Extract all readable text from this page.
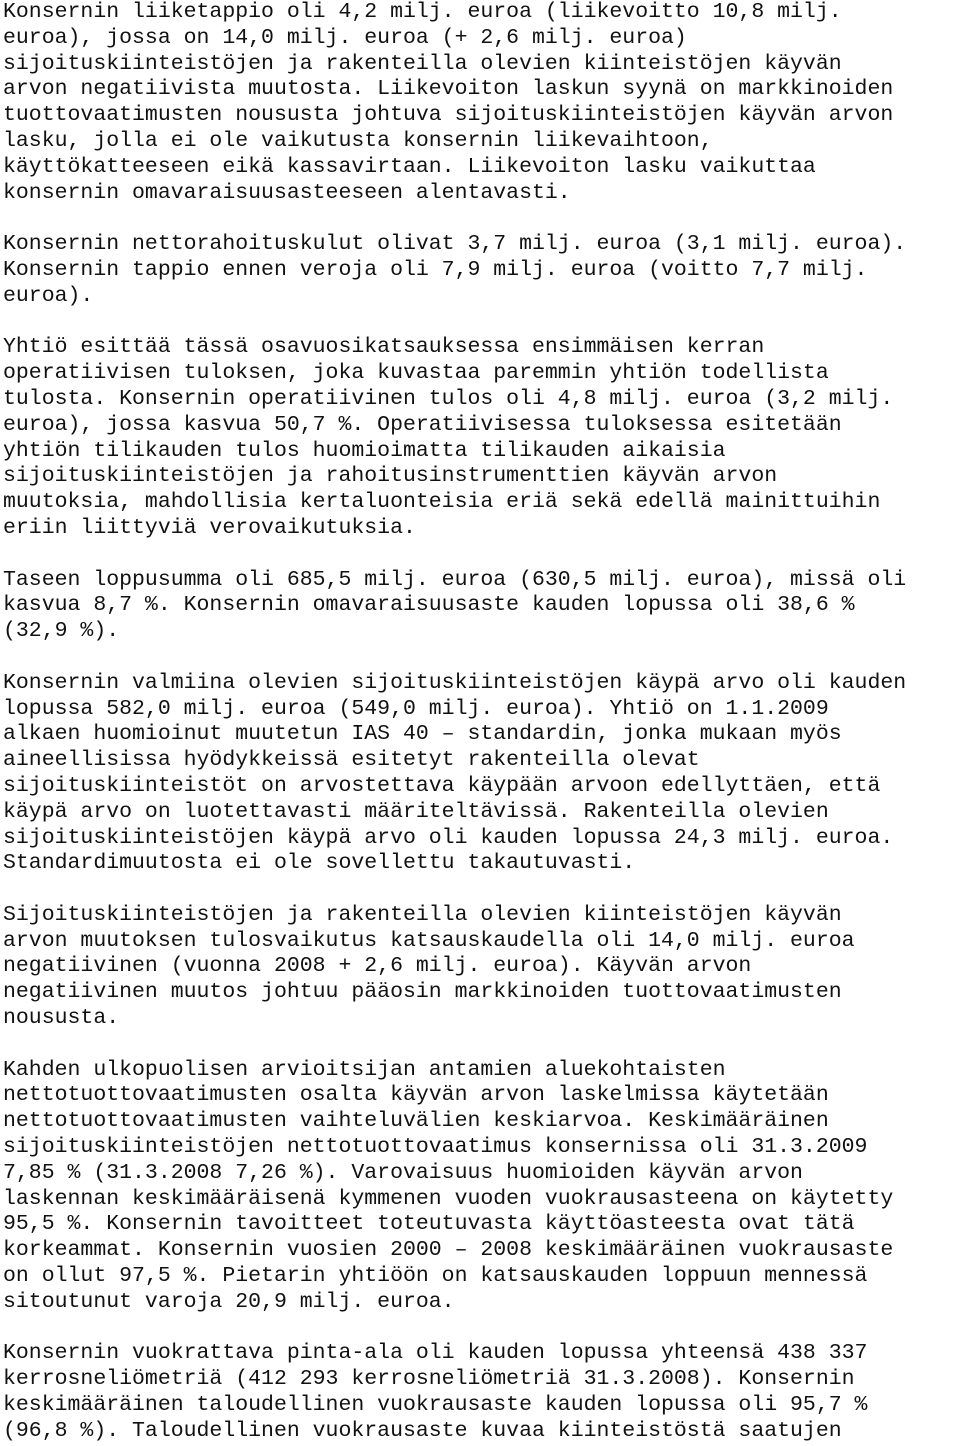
Konsernin liiketappio oli 4,2 milj. euroa (liikevoitto 10,8 milj.
euroa), jossa on 14,0 milj. euroa (+ 2,6 milj. euroa)
sijoituskiinteistöjen ja rakenteilla olevien kiinteistöjen käyvän
arvon negatiivista muutosta. Liikevoiton laskun syynä on markkinoiden
tuottovaatimusten noususta johtuva sijoituskiinteistöjen käyvän arvon
lasku, jolla ei ole vaikutusta konsernin liikevaihtoon,
käyttökatteeseen eikä kassavirtaan. Liikevoiton lasku vaikuttaa
konsernin omavaraisuusasteeseen alentavasti.
Konsernin nettorahoituskulut olivat 3,7 milj. euroa (3,1 milj. euroa).
Konsernin tappio ennen veroja oli 7,9 milj. euroa (voitto 7,7 milj.
euroa).
Yhtiö esittää tässä osavuosikatsauksessa ensimmäisen kerran
operatiivisen tuloksen, joka kuvastaa paremmin yhtiön todellista
tulosta. Konsernin operatiivinen tulos oli 4,8 milj. euroa (3,2 milj.
euroa), jossa kasvua 50,7 %. Operatiivisessa tuloksessa esitetään
yhtiön tilikauden tulos huomioimatta tilikauden aikaisia
sijoituskiinteistöjen ja rahoitusinstrumenttien käyvän arvon
muutoksia, mahdollisia kertaluonteisia eriä sekä edellä mainittuihin
eriin liittyviä verovaikutuksia.
Taseen loppusumma oli 685,5 milj. euroa (630,5 milj. euroa), missä oli
kasvua 8,7 %. Konsernin omavaraisuusaste kauden lopussa oli 38,6 %
(32,9 %).
Konsernin valmiina olevien sijoituskiinteistöjen käypä arvo oli kauden
lopussa 582,0 milj. euroa (549,0 milj. euroa). Yhtiö on 1.1.2009
alkaen huomioinut muutetun IAS 40 – standardin, jonka mukaan myös
aineellisissa hyödykkeissä esitetyt rakenteilla olevat
sijoituskiinteistöt on arvostettava käypään arvoon edellyttäen, että
käypä arvo on luotettavasti määriteltävissä. Rakenteilla olevien
sijoituskiinteistöjen käypä arvo oli kauden lopussa 24,3 milj. euroa.
Standardimuutosta ei ole sovellettu takautuvasti.
Sijoituskiinteistöjen ja rakenteilla olevien kiinteistöjen käyvän
arvon muutoksen tulosvaikutus katsauskaudella oli 14,0 milj. euroa
negatiivinen (vuonna 2008 + 2,6 milj. euroa). Käyvän arvon
negatiivinen muutos johtuu pääosin markkinoiden tuottovaatimusten
noususta.
Kahden ulkopuolisen arvioitsijan antamien aluekohtaisten
nettotuottovaatimusten osalta käyvän arvon laskelmissa käytetään
nettotuottovaatimusten vaihteluvälien keskiarvoa. Keskimääräinen
sijoituskiinteistöjen nettotuottovaatimus konsernissa oli 31.3.2009
7,85 % (31.3.2008 7,26 %). Varovaisuus huomioiden käyvän arvon
laskennan keskimääräisenä kymmenen vuoden vuokrausasteena on käytetty
95,5 %. Konsernin tavoitteet toteutuvasta käyttöasteesta ovat tätä
korkeammat. Konsernin vuosien 2000 – 2008 keskimääräinen vuokrausaste
on ollut 97,5 %. Pietarin yhtiöön on katsauskauden loppuun mennessä
sitoutunut varoja 20,9 milj. euroa.
Konsernin vuokrattava pinta-ala oli kauden lopussa yhteensä 438 337
kerrosneliömetriä (412 293 kerrosneliömetriä 31.3.2008). Konsernin
keskimääräinen taloudellinen vuokrausaste kauden lopussa oli 95,7 %
(96,8 %). Taloudellinen vuokrausaste kuvaa kiinteistöstä saatujen
